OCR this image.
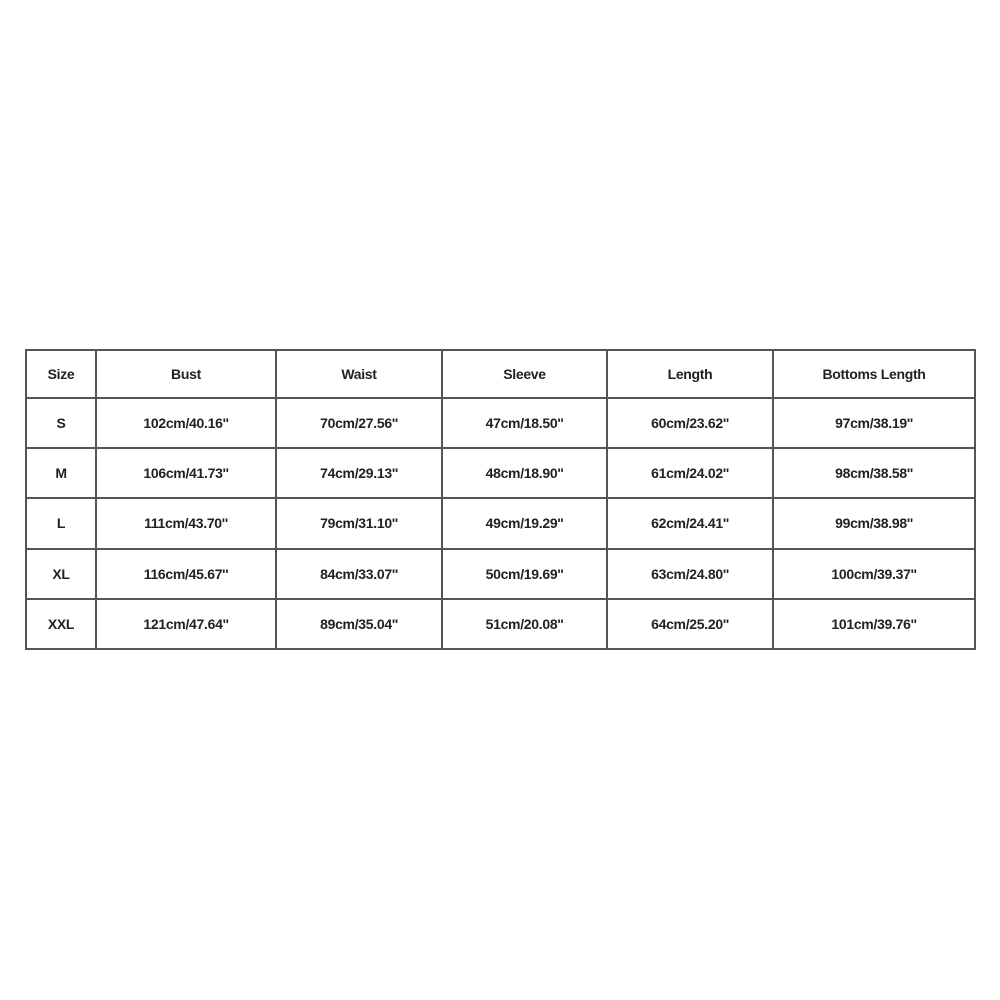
Size	Bust	Waist	Sleeve	Length	Bottoms Length
S	102cm/40.16''	70cm/27.56''	47cm/18.50''	60cm/23.62''	97cm/38.19''
M	106cm/41.73''	74cm/29.13''	48cm/18.90''	61cm/24.02''	98cm/38.58''
L	111cm/43.70''	79cm/31.10''	49cm/19.29''	62cm/24.41''	99cm/38.98''
XL	116cm/45.67''	84cm/33.07''	50cm/19.69''	63cm/24.80''	100cm/39.37''
XXL	121cm/47.64''	89cm/35.04''	51cm/20.08''	64cm/25.20''	101cm/39.76''
